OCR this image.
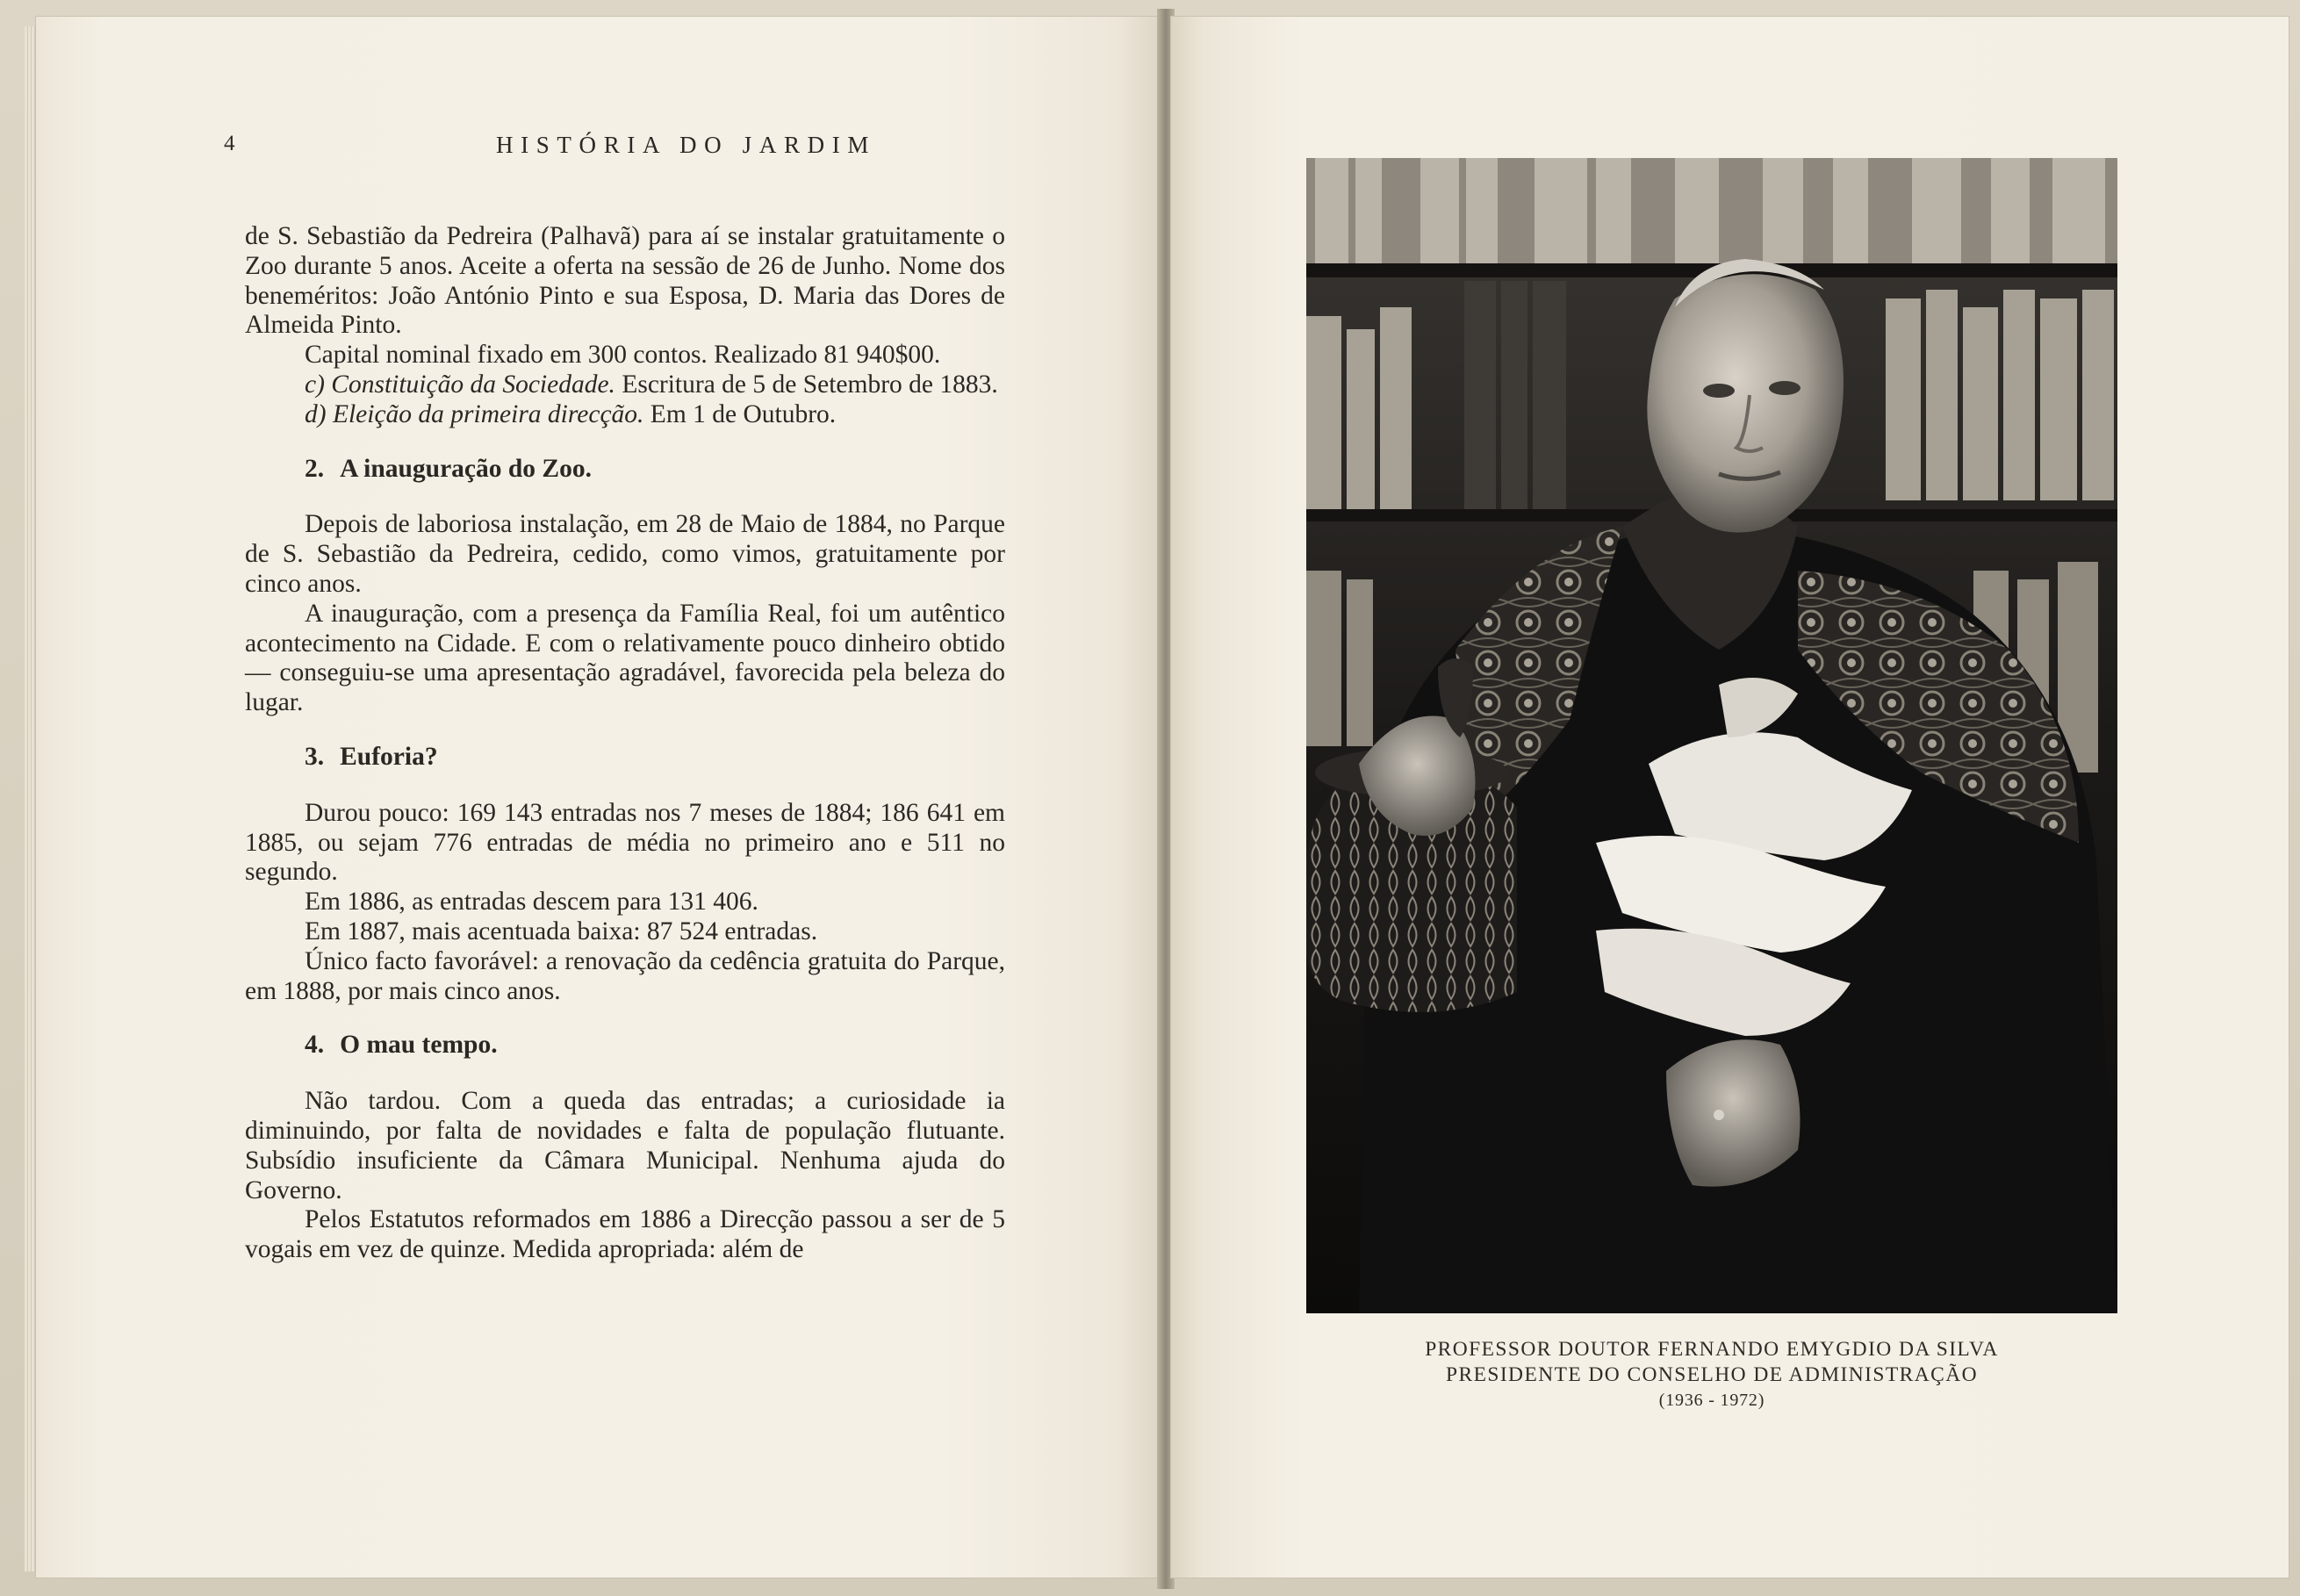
4	HISTÓRIA DO JARDIM

de S. Sebastião da Pedreira (Palhavã) para aí se instalar gratuitamente o Zoo durante 5 anos. Aceite a oferta na sessão de 26 de Junho. Nome dos beneméritos: João António Pinto e sua Esposa, D. Maria das Dores de Almeida Pinto.

Capital nominal fixado em 300 contos. Realizado 81 940$00.

c) Constituição da Sociedade. Escritura de 5 de Setembro de 1883.

d) Eleição da primeira direcção. Em 1 de Outubro.

2. A inauguração do Zoo.

Depois de laboriosa instalação, em 28 de Maio de 1884, no Parque de S. Sebastião da Pedreira, cedido, como vimos, gratuitamente por cinco anos.

A inauguração, com a presença da Família Real, foi um autêntico acontecimento na Cidade. E com o relativamente pouco dinheiro obtido — conseguiu-se uma apresentação agradável, favorecida pela beleza do lugar.

3. Euforia?

Durou pouco: 169 143 entradas nos 7 meses de 1884; 186 641 em 1885, ou sejam 776 entradas de média no primeiro ano e 511 no segundo.

Em 1886, as entradas descem para 131 406.

Em 1887, mais acentuada baixa: 87 524 entradas.

Único facto favorável: a renovação da cedência gratuita do Parque, em 1888, por mais cinco anos.

4. O mau tempo.

Não tardou. Com a queda das entradas; a curiosidade ia diminuindo, por falta de novidades e falta de população flutuante. Subsídio insuficiente da Câmara Municipal. Nenhuma ajuda do Governo.

Pelos Estatutos reformados em 1886 a Direcção passou a ser de 5 vogais em vez de quinze. Medida apropriada: além de

PROFESSOR DOUTOR FERNANDO EMYGDIO DA SILVA
PRESIDENTE DO CONSELHO DE ADMINISTRAÇÃO
(1936 - 1972)
